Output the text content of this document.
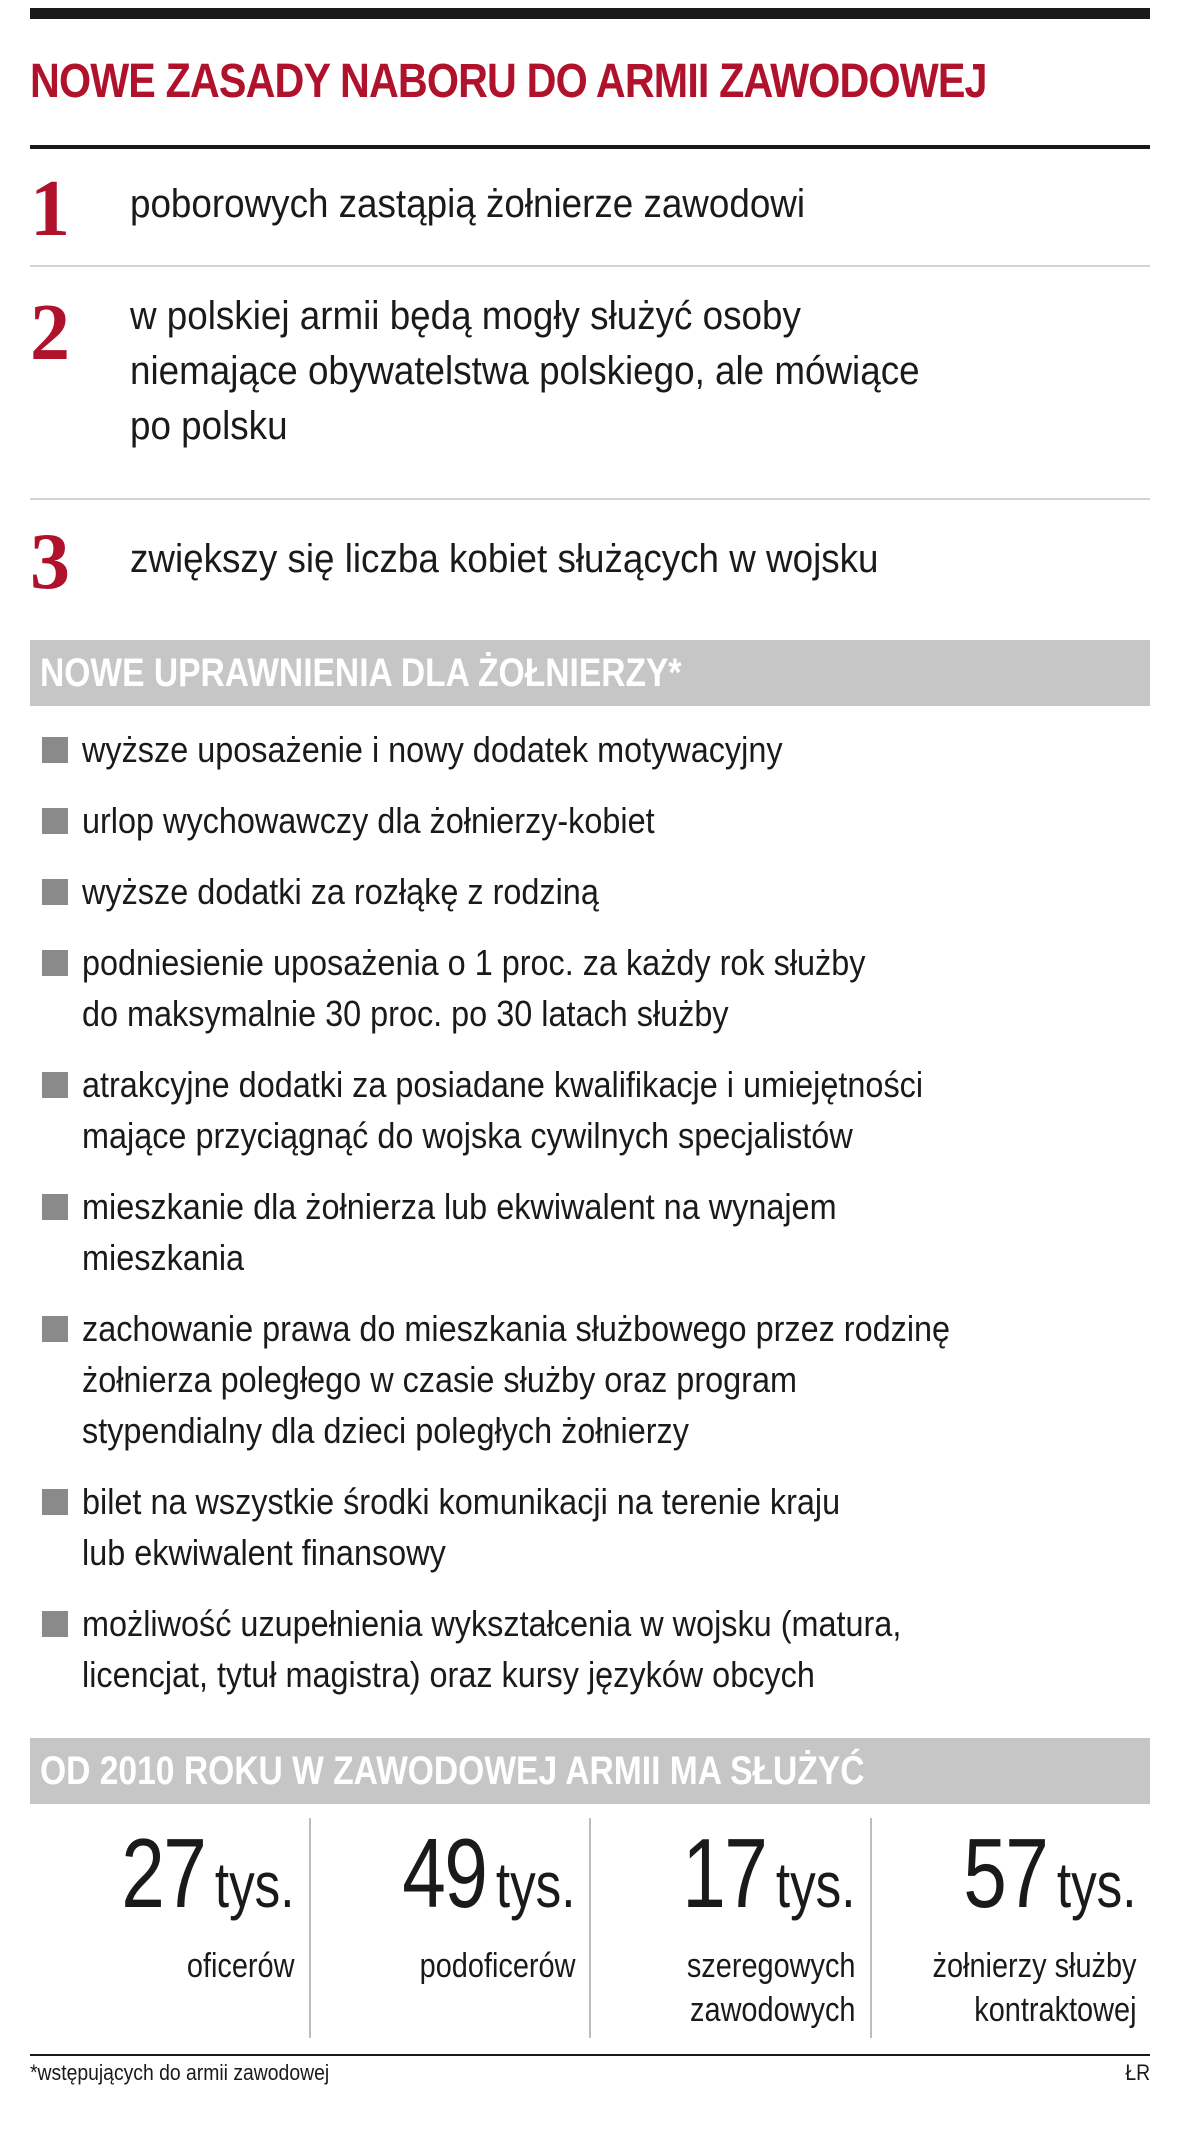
NOWE ZASADY NABORU DO ARMII ZAWODOWEJ
1	poborowych zastąpią żołnierze zawodowi
2	w polskiej armii będą mogły służyć osoby
niemające obywatelstwa polskiego, ale mówiące
po polsku
3	zwiększy się liczba kobiet służących w wojsku
NOWE UPRAWNIENIA DLA ŻOŁNIERZY*
wyższe uposażenie i nowy dodatek motywacyjny
urlop wychowawczy dla żołnierzy-kobiet
wyższe dodatki za rozłąkę z rodziną
podniesienie uposażenia o 1 proc. za każdy rok służby
do maksymalnie 30 proc. po 30 latach służby
atrakcyjne dodatki za posiadane kwalifikacje i umiejętności
mające przyciągnąć do wojska cywilnych specjalistów
mieszkanie dla żołnierza lub ekwiwalent na wynajem
mieszkania
zachowanie prawa do mieszkania służbowego przez rodzinę
żołnierza poległego w czasie służby oraz program
stypendialny dla dzieci poległych żołnierzy
bilet na wszystkie środki komunikacji na terenie kraju
lub ekwiwalent finansowy
możliwość uzupełnienia wykształcenia w wojsku (matura,
licencjat, tytuł magistra) oraz kursy języków obcych
OD 2010 ROKU W ZAWODOWEJ ARMII MA SŁUŻYĆ
27 tys.
oficerów
49 tys.
podoficerów
17 tys.
szeregowych
zawodowych
57 tys.
żołnierzy służby
kontraktowej
*wstępujących do armii zawodowej	ŁR
